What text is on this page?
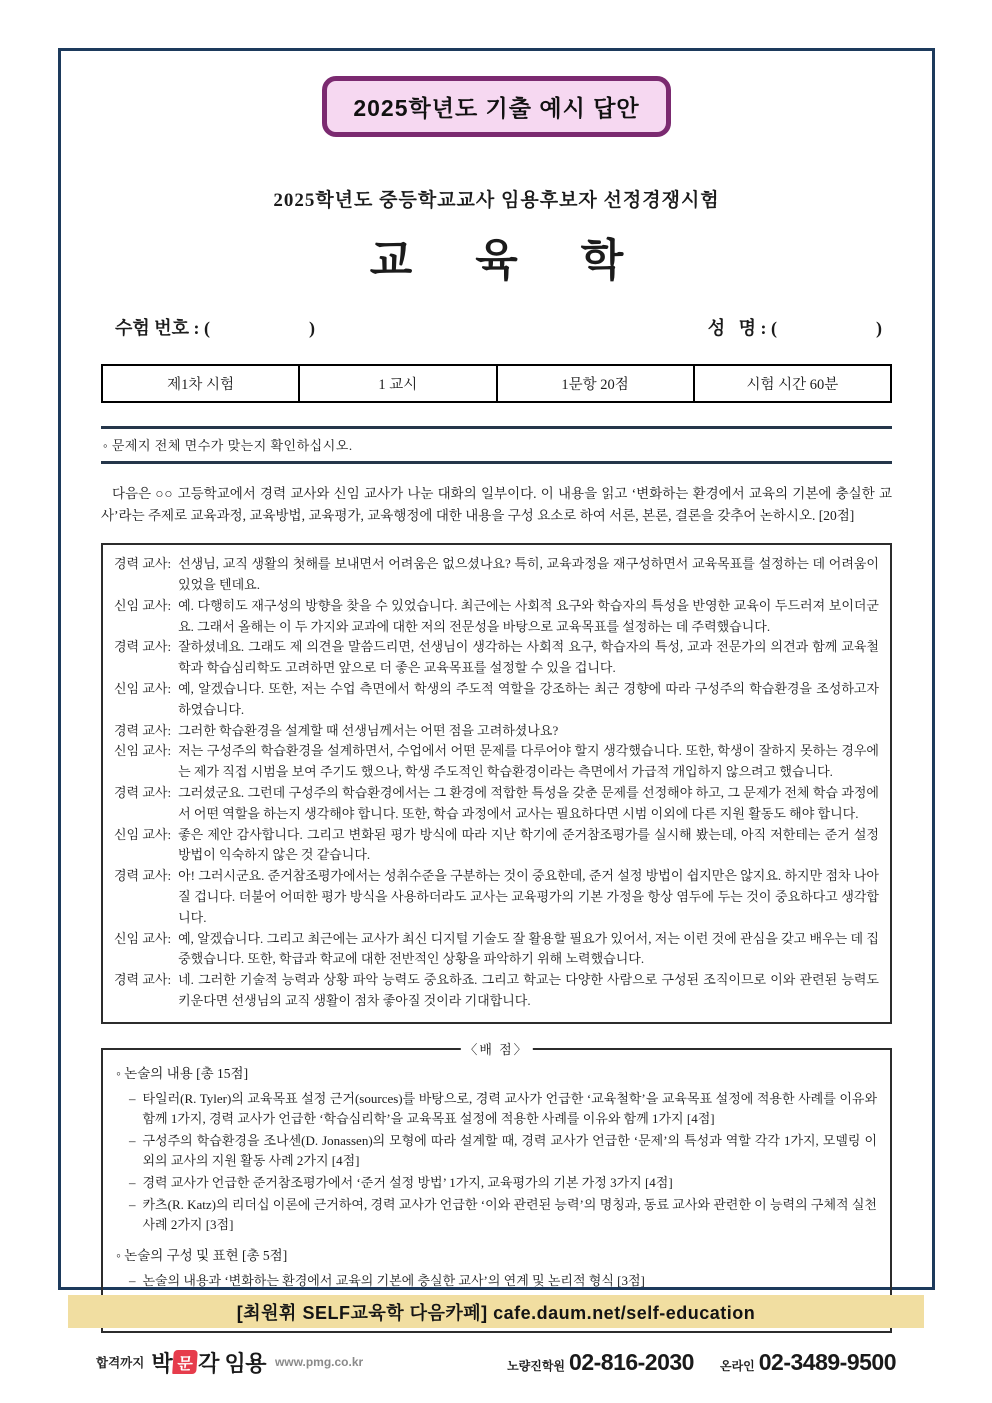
2025학년도 기출 예시 답안
2025학년도 중등학교교사 임용후보자 선정경쟁시험
교 육 학
수험 번호 : (                      )	성   명 : (                      )
제1차 시험	1 교시	1문항 20점	시험 시간 60분
◦ 문제지 전체 면수가 맞는지 확인하십시오.
다음은 ○○ 고등학교에서 경력 교사와 신임 교사가 나눈 대화의 일부이다. 이 내용을 읽고 ‘변화하는 환경에서 교육의 기본에 충실한 교사’라는 주제로 교육과정, 교육방법, 교육평가, 교육행정에 대한 내용을 구성 요소로 하여 서론, 본론, 결론을 갖추어 논하시오. [20점]
경력 교사: 선생님, 교직 생활의 첫해를 보내면서 어려움은 없으셨나요? 특히, 교육과정을 재구성하면서 교육목표를 설정하는 데 어려움이 있었을 텐데요.
신임 교사: 예. 다행히도 재구성의 방향을 찾을 수 있었습니다. 최근에는 사회적 요구와 학습자의 특성을 반영한 교육이 두드러져 보이더군요. 그래서 올해는 이 두 가지와 교과에 대한 저의 전문성을 바탕으로 교육목표를 설정하는 데 주력했습니다.
경력 교사: 잘하셨네요. 그래도 제 의견을 말씀드리면, 선생님이 생각하는 사회적 요구, 학습자의 특성, 교과 전문가의 의견과 함께 교육철학과 학습심리학도 고려하면 앞으로 더 좋은 교육목표를 설정할 수 있을 겁니다.
신임 교사: 예, 알겠습니다. 또한, 저는 수업 측면에서 학생의 주도적 역할을 강조하는 최근 경향에 따라 구성주의 학습환경을 조성하고자 하였습니다.
경력 교사: 그러한 학습환경을 설계할 때 선생님께서는 어떤 점을 고려하셨나요?
신임 교사: 저는 구성주의 학습환경을 설계하면서, 수업에서 어떤 문제를 다루어야 할지 생각했습니다. 또한, 학생이 잘하지 못하는 경우에는 제가 직접 시범을 보여 주기도 했으나, 학생 주도적인 학습환경이라는 측면에서 가급적 개입하지 않으려고 했습니다.
경력 교사: 그러셨군요. 그런데 구성주의 학습환경에서는 그 환경에 적합한 특성을 갖춘 문제를 선정해야 하고, 그 문제가 전체 학습 과정에서 어떤 역할을 하는지 생각해야 합니다. 또한, 학습 과정에서 교사는 필요하다면 시범 이외에 다른 지원 활동도 해야 합니다.
신임 교사: 좋은 제안 감사합니다. 그리고 변화된 평가 방식에 따라 지난 학기에 준거참조평가를 실시해 봤는데, 아직 저한테는 준거 설정 방법이 익숙하지 않은 것 같습니다.
경력 교사: 아! 그러시군요. 준거참조평가에서는 성취수준을 구분하는 것이 중요한데, 준거 설정 방법이 쉽지만은 않지요. 하지만 점차 나아질 겁니다. 더불어 어떠한 평가 방식을 사용하더라도 교사는 교육평가의 기본 가정을 항상 염두에 두는 것이 중요하다고 생각합니다.
신임 교사: 예, 알겠습니다. 그리고 최근에는 교사가 최신 디지털 기술도 잘 활용할 필요가 있어서, 저는 이런 것에 관심을 갖고 배우는 데 집중했습니다. 또한, 학급과 학교에 대한 전반적인 상황을 파악하기 위해 노력했습니다.
경력 교사: 네. 그러한 기술적 능력과 상황 파악 능력도 중요하죠. 그리고 학교는 다양한 사람으로 구성된 조직이므로 이와 관련된 능력도 키운다면 선생님의 교직 생활이 점차 좋아질 것이라 기대합니다.
〈배 점〉
◦ 논술의 내용 [총 15점]
– 타일러(R. Tyler)의 교육목표 설정 근거(sources)를 바탕으로, 경력 교사가 언급한 ‘교육철학’을 교육목표 설정에 적용한 사례를 이유와 함께 1가지, 경력 교사가 언급한 ‘학습심리학’을 교육목표 설정에 적용한 사례를 이유와 함께 1가지 [4점]
– 구성주의 학습환경을 조나센(D. Jonassen)의 모형에 따라 설계할 때, 경력 교사가 언급한 ‘문제’의 특성과 역할 각각 1가지, 모델링 이외의 교사의 지원 활동 사례 2가지 [4점]
– 경력 교사가 언급한 준거참조평가에서 ‘준거 설정 방법’ 1가지, 교육평가의 기본 가정 3가지 [4점]
– 카츠(R. Katz)의 리더십 이론에 근거하여, 경력 교사가 언급한 ‘이와 관련된 능력’의 명칭과, 동료 교사와 관련한 이 능력의 구체적 실천 사례 2가지 [3점]
◦ 논술의 구성 및 표현 [총 5점]
– 논술의 내용과 ‘변화하는 환경에서 교육의 기본에 충실한 교사’의 연계 및 논리적 형식 [3점]
[최원휘 SELF교육학 다음카페] cafe.daum.net/self-education
합격까지 박 문 각 임용 www.pmg.co.kr	노량진학원 02-816-2030 온라인 02-3489-9500
